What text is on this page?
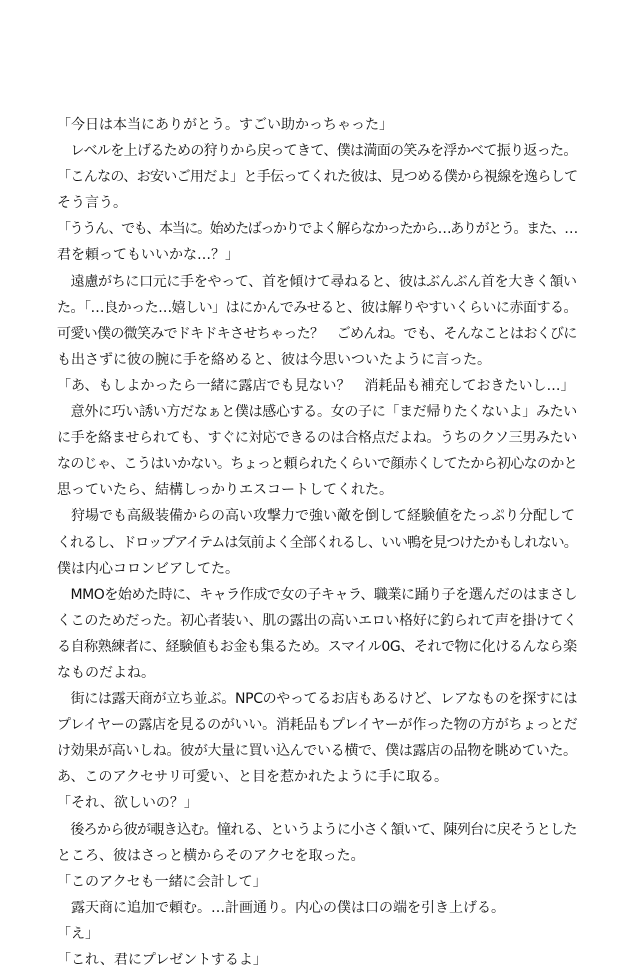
「今日は本当にありがとう。すごい助かっちゃった」
　レベルを上げるための狩りから戻ってきて、僕は満面の笑みを浮かべて振り返った。
「こんなの、お安いご用だよ」と手伝ってくれた彼は、見つめる僕から視線を逸らして
そう言う。
「ううん、でも、本当に。始めたばっかりでよく解らなかったから…ありがとう。また、…
君を頼ってもいいかな…？」
　遠慮がちに口元に手をやって、首を傾けて尋ねると、彼はぶんぶん首を大きく頷い
た。「…良かった…嬉しい」はにかんでみせると、彼は解りやすいくらいに赤面する。
可愛い僕の微笑みでドキドキさせちゃった？　ごめんね。でも、そんなことはおくびに
も出さずに彼の腕に手を絡めると、彼は今思いついたように言った。
「あ、もしよかったら一緒に露店でも見ない？　消耗品も補充しておきたいし…」
　意外に巧い誘い方だなぁと僕は感心する。女の子に「まだ帰りたくないよ」みたい
に手を絡ませられても、すぐに対応できるのは合格点だよね。うちのクソ三男みたい
なのじゃ、こうはいかない。ちょっと頼られたくらいで顔赤くしてたから初心なのかと
思っていたら、結構しっかりエスコートしてくれた。
　狩場でも高級装備からの高い攻撃力で強い敵を倒して経験値をたっぷり分配して
くれるし、ドロップアイテムは気前よく全部くれるし、いい鴨を見つけたかもしれない。
僕は内心コロンビアしてた。
　MMOを始めた時に、キャラ作成で女の子キャラ、職業に踊り子を選んだのはまさし
くこのためだった。初心者装い、肌の露出の高いエロい格好に釣られて声を掛けてく
る自称熟練者に、経験値もお金も集るため。スマイル0G、それで物に化けるんなら楽
なものだよね。
　街には露天商が立ち並ぶ。NPCのやってるお店もあるけど、レアなものを探すには
プレイヤーの露店を見るのがいい。消耗品もプレイヤーが作った物の方がちょっとだ
け効果が高いしね。彼が大量に買い込んでいる横で、僕は露店の品物を眺めていた。
あ、このアクセサリ可愛い、と目を惹かれたように手に取る。
「それ、欲しいの？」
　後ろから彼が覗き込む。憧れる、というように小さく頷いて、陳列台に戻そうとした
ところ、彼はさっと横からそのアクセを取った。
「このアクセも一緒に会計して」
　露天商に追加で頼む。…計画通り。内心の僕は口の端を引き上げる。
「え」
「これ、君にプレゼントするよ」
